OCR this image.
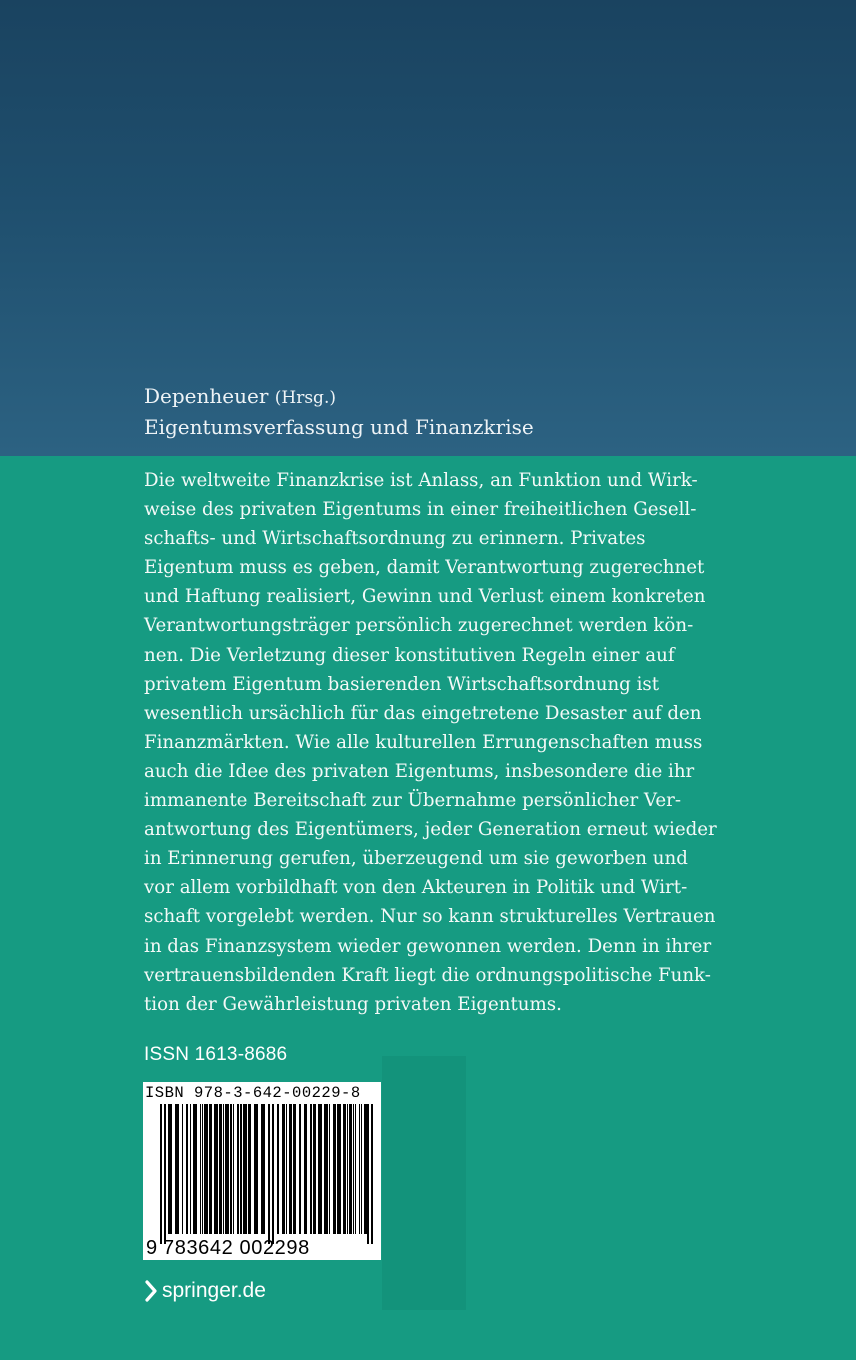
Depenheuer (Hrsg.)
Eigentumsverfassung und Finanzkrise
Die weltweite Finanzkrise ist Anlass, an Funktion und Wirk-
weise des privaten Eigentums in einer freiheitlichen Gesell-
schafts- und Wirtschaftsordnung zu erinnern. Privates
Eigentum muss es geben, damit Verantwortung zugerechnet
und Haftung realisiert, Gewinn und Verlust einem konkreten
Verantwortungsträger persönlich zugerechnet werden kön-
nen. Die Verletzung dieser konstitutiven Regeln einer auf
privatem Eigentum basierenden Wirtschaftsordnung ist
wesentlich ursächlich für das eingetretene Desaster auf den
Finanzmärkten. Wie alle kulturellen Errungenschaften muss
auch die Idee des privaten Eigentums, insbesondere die ihr
immanente Bereitschaft zur Übernahme persönlicher Ver-
antwortung des Eigentümers, jeder Generation erneut wieder
in Erinnerung gerufen, überzeugend um sie geworben und
vor allem vorbildhaft von den Akteuren in Politik und Wirt-
schaft vorgelebt werden. Nur so kann strukturelles Vertrauen
in das Finanzsystem wieder gewonnen werden. Denn in ihrer
vertrauensbildenden Kraft liegt die ordnungspolitische Funk-
tion der Gewährleistung privaten Eigentums.
ISSN 1613-8686
ISBN 978-3-642-00229-8
9 783642 002298
springer.de
